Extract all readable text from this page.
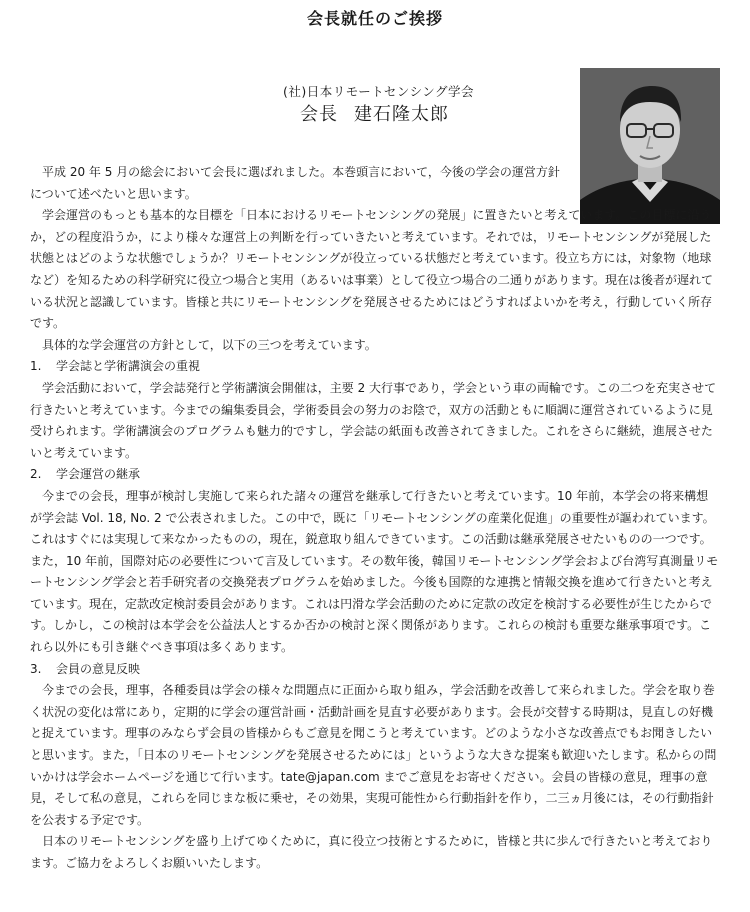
会長就任のご挨拶
(社)日本リモートセンシング学会
会長 建石隆太郎

平成 20 年 5 月の総会において会長に選ばれました。本巻頭言において，今後の学会の運営方針について述べたいと思います。

学会運営のもっとも基本的な目標を「日本におけるリモートセンシングの発展」に置きたいと考えています。この目標に沿うか，どの程度沿うか，により様々な運営上の判断を行っていきたいと考えています。それでは，リモートセンシングが発展した状態とはどのような状態でしょうか？リモートセンシングが役立っている状態だと考えています。役立ち方には，対象物（地球など）を知るための科学研究に役立つ場合と実用（あるいは事業）として役立つ場合の二通りがあります。現在は後者が遅れている状況と認識しています。皆様と共にリモートセンシングを発展させるためにはどうすればよいかを考え，行動していく所存です。

具体的な学会運営の方針として，以下の三つを考えています。

1. 学会誌と学術講演会の重視

学会活動において，学会誌発行と学術講演会開催は，主要 2 大行事であり，学会という車の両輪です。この二つを充実させて行きたいと考えています。今までの編集委員会，学術委員会の努力のお陰で，双方の活動ともに順調に運営されているように見受けられます。学術講演会のプログラムも魅力的ですし，学会誌の紙面も改善されてきました。これをさらに継続，進展させたいと考えています。

2. 学会運営の継承

今までの会長，理事が検討し実施して来られた諸々の運営を継承して行きたいと考えています。10 年前，本学会の将来構想が学会誌 Vol. 18, No. 2 で公表されました。この中で，既に「リモートセンシングの産業化促進」の重要性が謳われています。これはすぐには実現して来なかったものの，現在，鋭意取り組んできています。この活動は継承発展させたいものの一つです。また，10 年前，国際対応の必要性について言及しています。その数年後，韓国リモートセンシング学会および台湾写真測量リモートセンシング学会と若手研究者の交換発表プログラムを始めました。今後も国際的な連携と情報交換を進めて行きたいと考えています。現在，定款改定検討委員会があります。これは円滑な学会活動のために定款の改定を検討する必要性が生じたからです。しかし，この検討は本学会を公益法人とするか否かの検討と深く関係があります。これらの検討も重要な継承事項です。これら以外にも引き継ぐべき事項は多くあります。

3. 会員の意見反映

今までの会長，理事，各種委員は学会の様々な問題点に正面から取り組み，学会活動を改善して来られました。学会を取り巻く状況の変化は常にあり，定期的に学会の運営計画・活動計画を見直す必要があります。会長が交替する時期は，見直しの好機と捉えています。理事のみならず会員の皆様からもご意見を聞こうと考えています。どのような小さな改善点でもお聞きしたいと思います。また，「日本のリモートセンシングを発展させるためには」というような大きな提案も歓迎いたします。私からの問いかけは学会ホームページを通じて行います。tate@japan.com までご意見をお寄せください。会員の皆様の意見，理事の意見，そして私の意見，これらを同じまな板に乗せ，その効果，実現可能性から行動指針を作り，二三ヵ月後には，その行動指針を公表する予定です。

日本のリモートセンシングを盛り上げてゆくために，真に役立つ技術とするために，皆様と共に歩んで行きたいと考えております。ご協力をよろしくお願いいたします。
